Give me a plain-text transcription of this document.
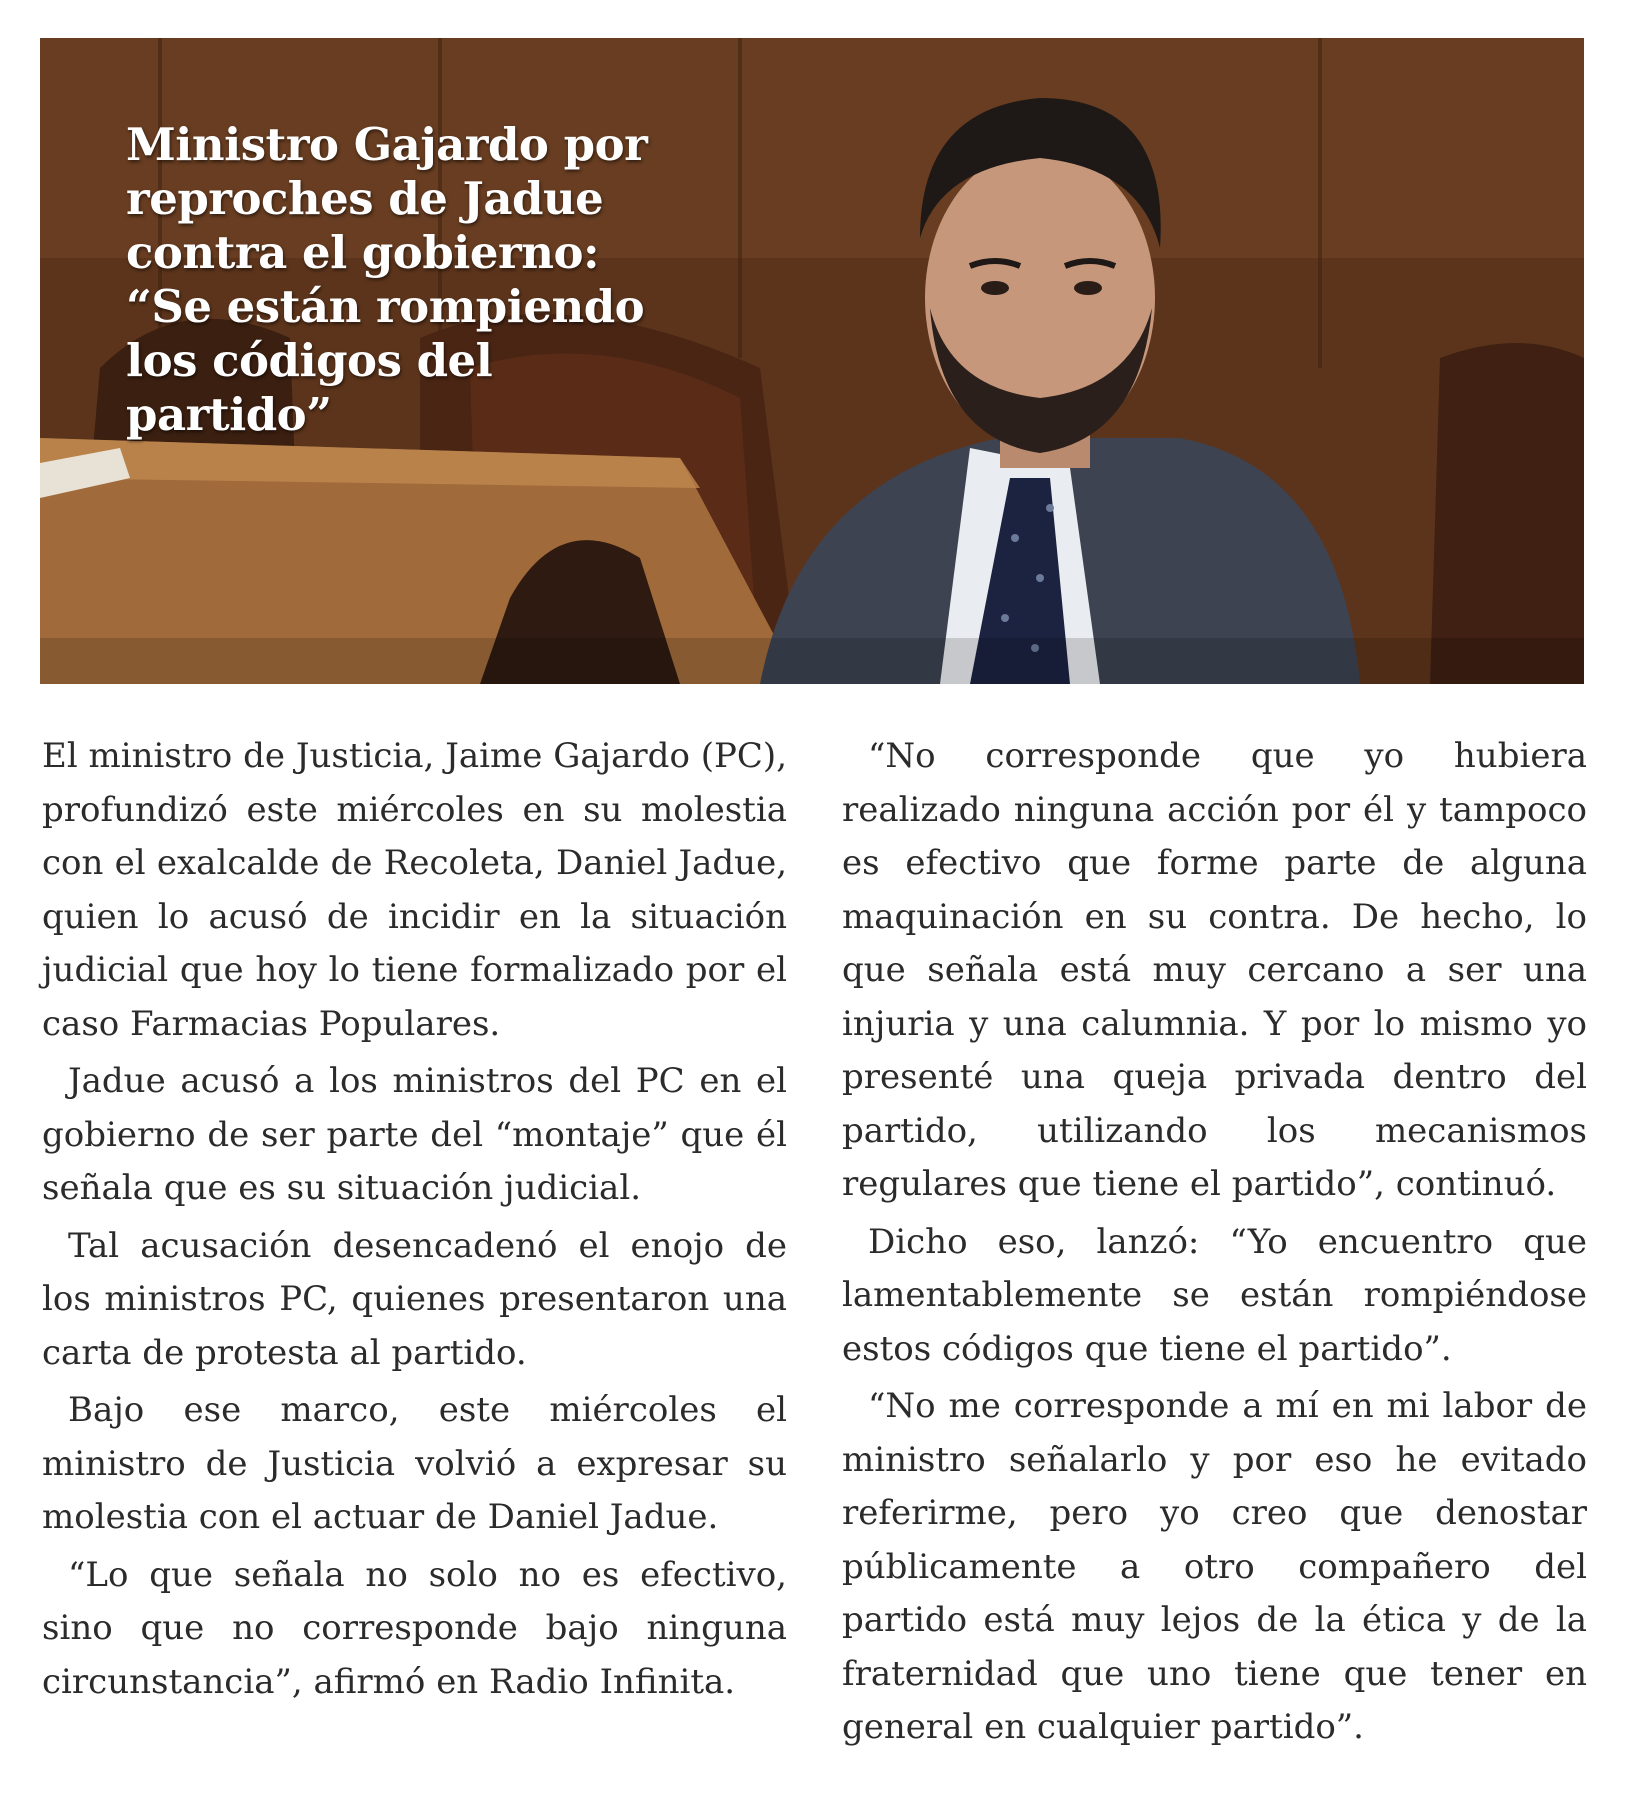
Ministro Gajardo por reproches de Jadue contra el gobierno: “Se están rompiendo los códigos del partido”

El ministro de Justicia, Jaime Gajardo (PC), profundizó este miércoles en su molestia con el exalcalde de Recoleta, Daniel Jadue, quien lo acusó de incidir en la situación judicial que hoy lo tiene formalizado por el caso Farmacias Populares.

Jadue acusó a los ministros del PC en el gobierno de ser parte del “montaje” que él señala que es su situación judicial.

Tal acusación desencadenó el enojo de los ministros PC, quienes presentaron una carta de protesta al partido.

Bajo ese marco, este miércoles el ministro de Justicia volvió a expresar su molestia con el actuar de Daniel Jadue.

“Lo que señala no solo no es efectivo, sino que no corresponde bajo ninguna circunstancia”, afirmó en Radio Infinita.

“No corresponde que yo hubiera realizado ninguna acción por él y tampoco es efectivo que forme parte de alguna maquinación en su contra. De hecho, lo que señala está muy cercano a ser una injuria y una calumnia. Y por lo mismo yo presenté una queja privada dentro del partido, utilizando los mecanismos regulares que tiene el partido”, continuó.

Dicho eso, lanzó: “Yo encuentro que lamentablemente se están rompiéndose estos códigos que tiene el partido”.

“No me corresponde a mí en mi labor de ministro señalarlo y por eso he evitado referirme, pero yo creo que denostar públicamente a otro compañero del partido está muy lejos de la ética y de la fraternidad que uno tiene que tener en general en cualquier partido”.
